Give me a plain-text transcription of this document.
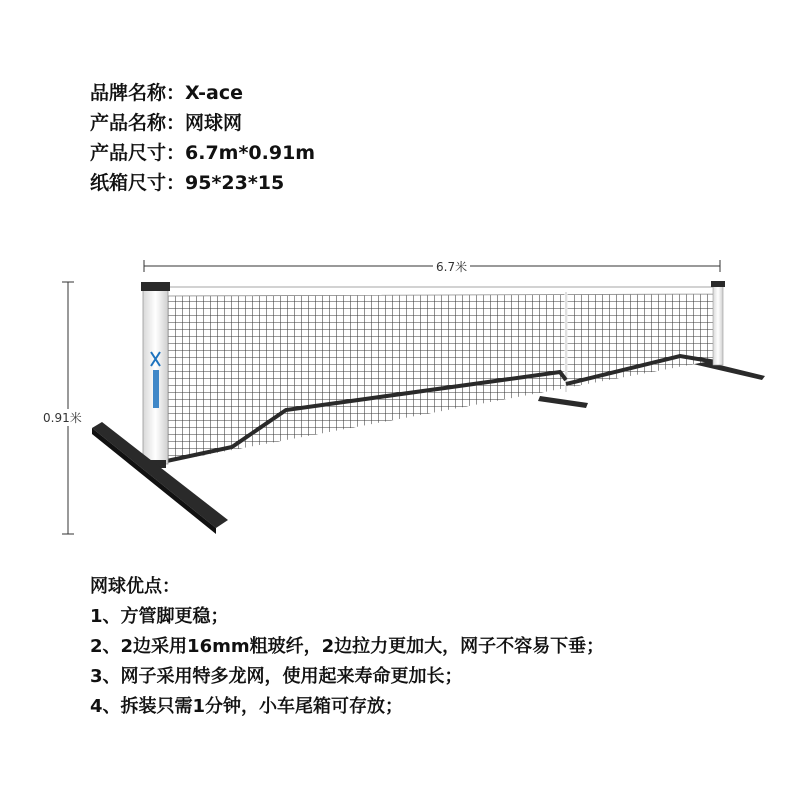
品牌名称：X-ace
产品名称：网球网
产品尺寸：6.7m*0.91m
纸箱尺寸：95*23*15
6.7米
0.91米
网球优点：
1、方管脚更稳；
2、2边采用16mm粗玻纤，2边拉力更加大，网子不容易下垂；
3、网子采用特多龙网，使用起来寿命更加长；
4、拆装只需1分钟，小车尾箱可存放；
